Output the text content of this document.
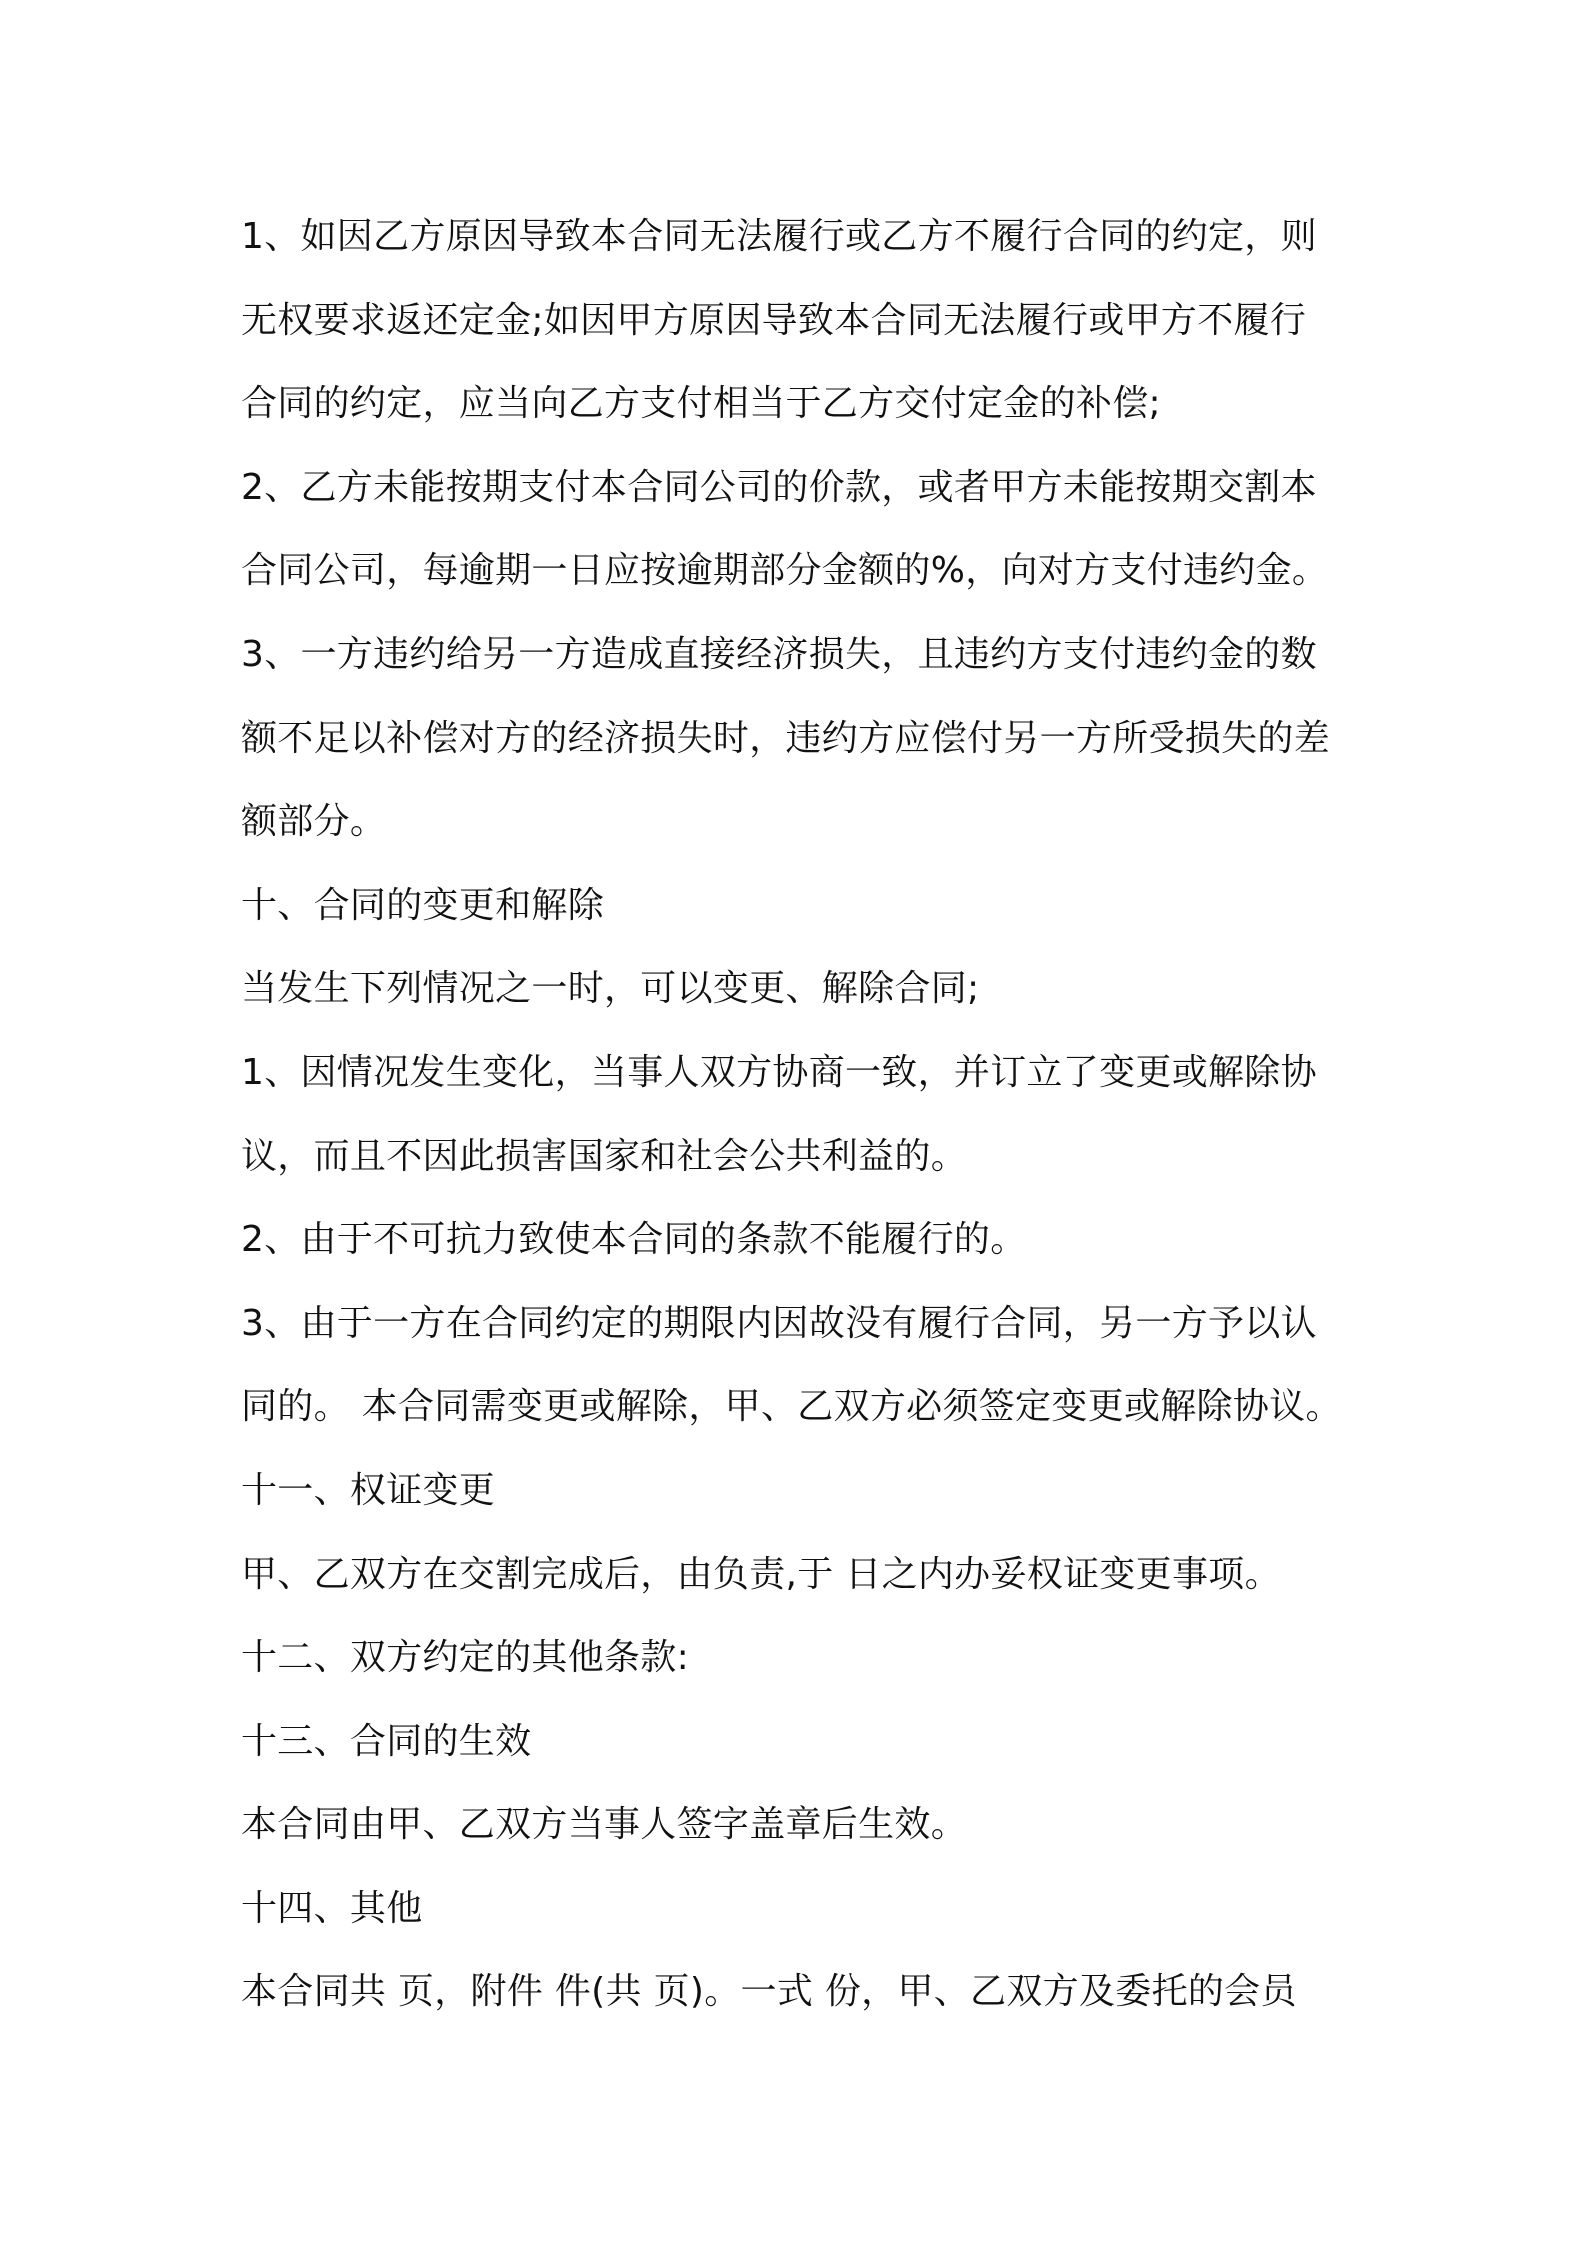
1、如因乙方原因导致本合同无法履行或乙方不履行合同的约定，则
无权要求返还定金;如因甲方原因导致本合同无法履行或甲方不履行
合同的约定，应当向乙方支付相当于乙方交付定金的补偿;
2、乙方未能按期支付本合同公司的价款，或者甲方未能按期交割本
合同公司，每逾期一日应按逾期部分金额的%，向对方支付违约金。
3、一方违约给另一方造成直接经济损失，且违约方支付违约金的数
额不足以补偿对方的经济损失时，违约方应偿付另一方所受损失的差
额部分。
十、合同的变更和解除
当发生下列情况之一时，可以变更、解除合同;
1、因情况发生变化，当事人双方协商一致，并订立了变更或解除协
议，而且不因此损害国家和社会公共利益的。
2、由于不可抗力致使本合同的条款不能履行的。
3、由于一方在合同约定的期限内因故没有履行合同，另一方予以认
同的。 本合同需变更或解除，甲、乙双方必须签定变更或解除协议。
十一、权证变更
甲、乙双方在交割完成后，由负责,于 日之内办妥权证变更事项。
十二、双方约定的其他条款:
十三、合同的生效
本合同由甲、乙双方当事人签字盖章后生效。
十四、其他
本合同共 页，附件 件(共 页)。一式 份，甲、乙双方及委托的会员
